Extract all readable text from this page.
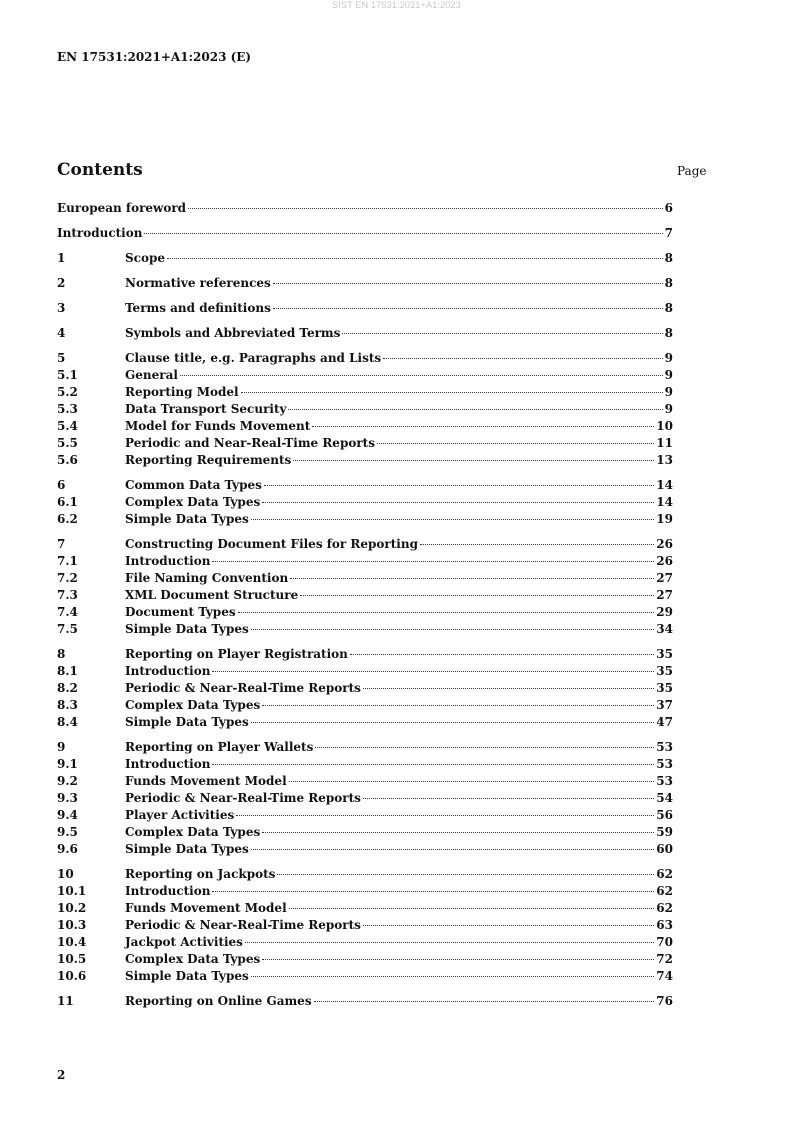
SIST EN 17531:2021+A1:2023
EN 17531:2021+A1:2023 (E)
Contents	Page
European foreword	6
Introduction	7
1	Scope	8
2	Normative references	8
3	Terms and definitions	8
4	Symbols and Abbreviated Terms	8
5	Clause title, e.g. Paragraphs and Lists	9
5.1	General	9
5.2	Reporting Model	9
5.3	Data Transport Security	9
5.4	Model for Funds Movement	10
5.5	Periodic and Near-Real-Time Reports	11
5.6	Reporting Requirements	13
6	Common Data Types	14
6.1	Complex Data Types	14
6.2	Simple Data Types	19
7	Constructing Document Files for Reporting	26
7.1	Introduction	26
7.2	File Naming Convention	27
7.3	XML Document Structure	27
7.4	Document Types	29
7.5	Simple Data Types	34
8	Reporting on Player Registration	35
8.1	Introduction	35
8.2	Periodic & Near-Real-Time Reports	35
8.3	Complex Data Types	37
8.4	Simple Data Types	47
9	Reporting on Player Wallets	53
9.1	Introduction	53
9.2	Funds Movement Model	53
9.3	Periodic & Near-Real-Time Reports	54
9.4	Player Activities	56
9.5	Complex Data Types	59
9.6	Simple Data Types	60
10	Reporting on Jackpots	62
10.1	Introduction	62
10.2	Funds Movement Model	62
10.3	Periodic & Near-Real-Time Reports	63
10.4	Jackpot Activities	70
10.5	Complex Data Types	72
10.6	Simple Data Types	74
11	Reporting on Online Games	76
2
